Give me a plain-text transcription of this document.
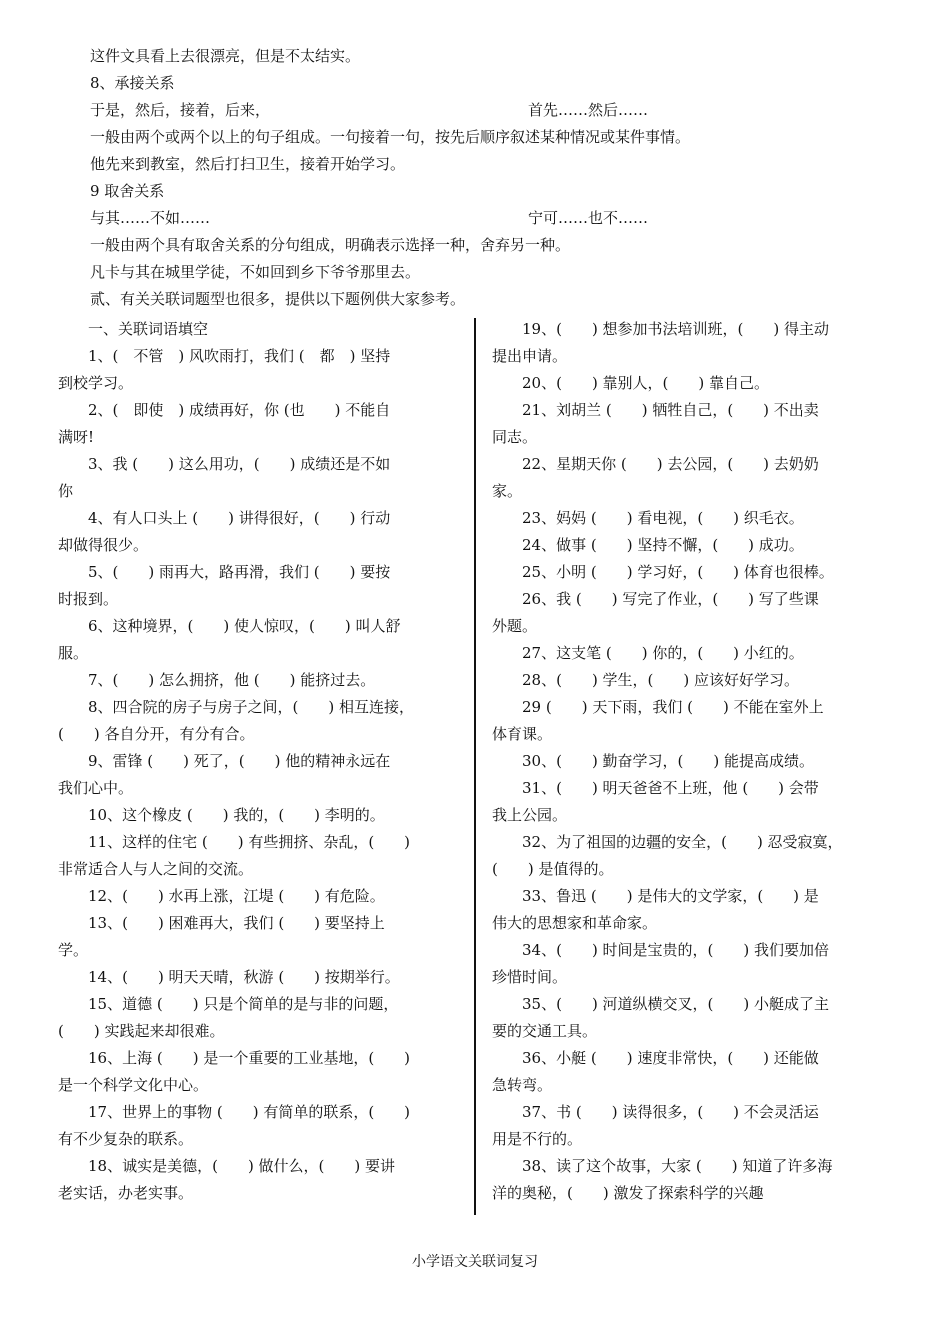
这件文具看上去很漂亮，但是不太结实。
8、承接关系
于是，然后，接着，后来，	首先……然后……
一般由两个或两个以上的句子组成。一句接着一句，按先后顺序叙述某种情况或某件事情。
他先来到教室，然后打扫卫生，接着开始学习。
9 取舍关系
与其……不如……	宁可……也不……
一般由两个具有取舍关系的分句组成，明确表示选择一种，舍弃另一种。
凡卡与其在城里学徒，不如回到乡下爷爷那里去。
贰、有关关联词题型也很多，提供以下题例供大家参考。
一、关联词语填空
1、(　不管　) 风吹雨打，我们 (　都　) 坚持
到校学习。
2、(　即使　) 成绩再好，你 (也　　) 不能自
满呀!
3、我 (　　) 这么用功，(　　) 成绩还是不如
你
4、有人口头上 (　　) 讲得很好，(　　) 行动
却做得很少。
5、(　　) 雨再大，路再滑，我们 (　　) 要按
时报到。
6、这种境界，(　　) 使人惊叹，(　　) 叫人舒
服。
7、(　　) 怎么拥挤，他 (　　) 能挤过去。
8、四合院的房子与房子之间，(　　) 相互连接，
(　　) 各自分开，有分有合。
9、雷锋 (　　) 死了，(　　) 他的精神永远在
我们心中。
10、这个橡皮 (　　) 我的，(　　) 李明的。
11、这样的住宅 (　　) 有些拥挤、杂乱，(　　)
非常适合人与人之间的交流。
12、(　　) 水再上涨，江堤 (　　) 有危险。
13、(　　) 困难再大，我们 (　　) 要坚持上
学。
14、(　　) 明天天晴，秋游 (　　) 按期举行。
15、道德 (　　) 只是个简单的是与非的问题，
(　　) 实践起来却很难。
16、上海 (　　) 是一个重要的工业基地，(　　)
是一个科学文化中心。
17、世界上的事物 (　　) 有简单的联系，(　　)
有不少复杂的联系。
18、诚实是美德，(　　) 做什么，(　　) 要讲
老实话，办老实事。
19、(　　) 想参加书法培训班，(　　) 得主动
提出申请。
20、(　　) 靠别人，(　　) 靠自己。
21、刘胡兰 (　　) 牺牲自己，(　　) 不出卖
同志。
22、星期天你 (　　) 去公园，(　　) 去奶奶
家。
23、妈妈 (　　) 看电视，(　　) 织毛衣。
24、做事 (　　) 坚持不懈，(　　) 成功。
25、小明 (　　) 学习好，(　　) 体育也很棒。
26、我 (　　) 写完了作业，(　　) 写了些课
外题。
27、这支笔 (　　) 你的，(　　) 小红的。
28、(　　) 学生，(　　) 应该好好学习。
29 (　　) 天下雨，我们 (　　) 不能在室外上
体育课。
30、(　　) 勤奋学习，(　　) 能提高成绩。
31、(　　) 明天爸爸不上班，他 (　　) 会带
我上公园。
32、为了祖国的边疆的安全，(　　) 忍受寂寞，
(　　) 是值得的。
33、鲁迅 (　　) 是伟大的文学家，(　　) 是
伟大的思想家和革命家。
34、(　　) 时间是宝贵的，(　　) 我们要加倍
珍惜时间。
35、(　　) 河道纵横交叉，(　　) 小艇成了主
要的交通工具。
36、小艇 (　　) 速度非常快，(　　) 还能做
急转弯。
37、书 (　　) 读得很多，(　　) 不会灵活运
用是不行的。
38、读了这个故事，大家 (　　) 知道了许多海
洋的奥秘，(　　) 激发了探索科学的兴趣
小学语文关联词复习
